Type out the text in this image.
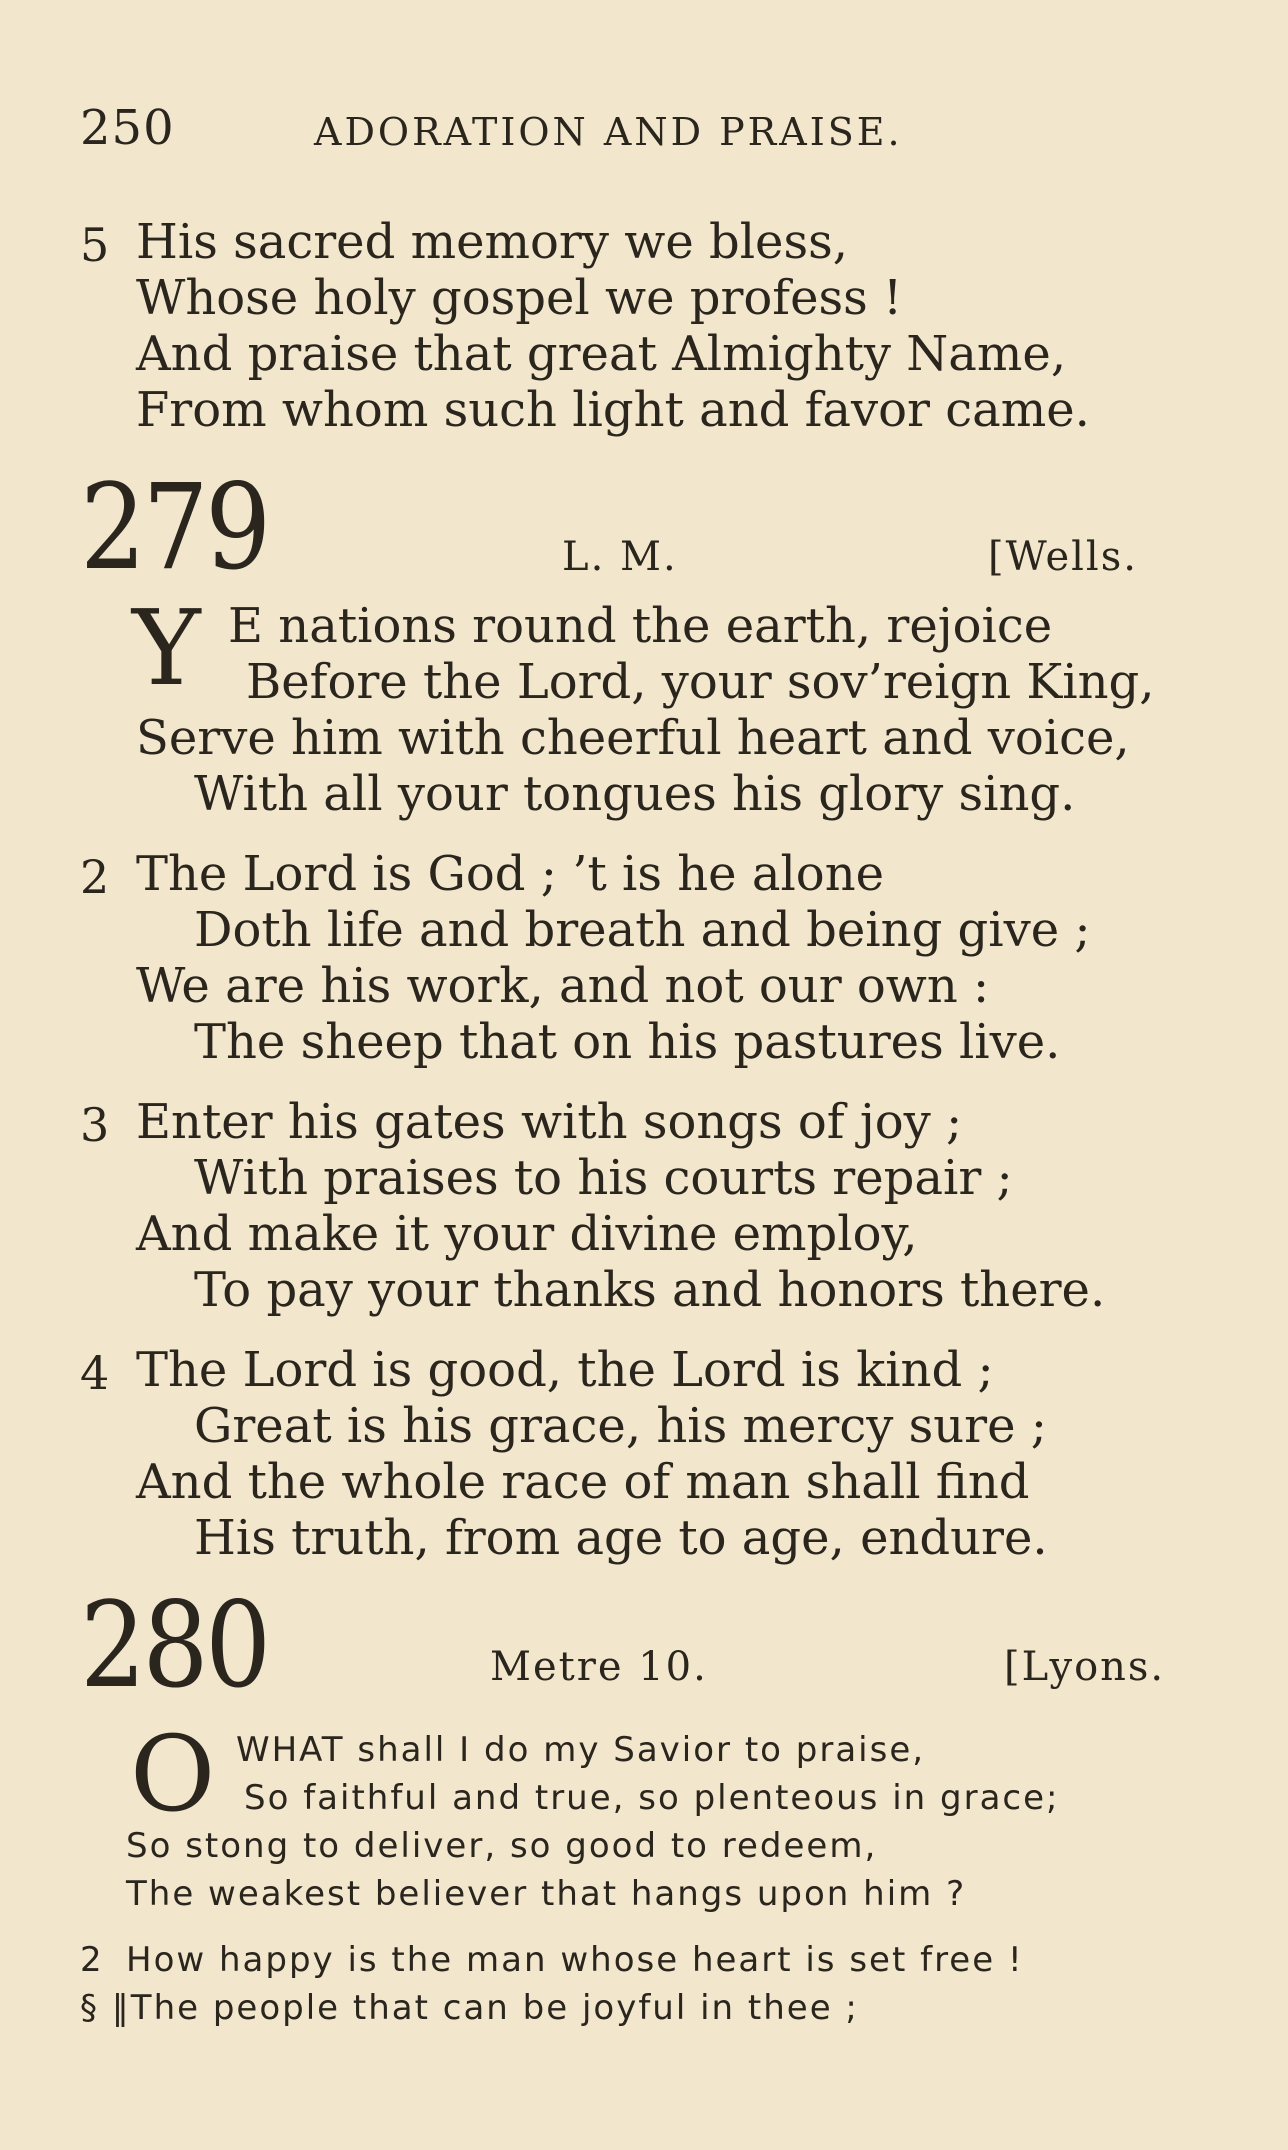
250	ADORATION AND PRAISE.
5 His sacred memory we bless,
Whose holy gospel we profess !
And praise that great Almighty Name,
From whom such light and favor came.
279	L. M.	[Wells.
Y E nations round the earth, rejoice
Before the Lord, your sov’reign King,
Serve him with cheerful heart and voice,
With all your tongues his glory sing.
2 The Lord is God ; ’t is he alone
Doth life and breath and being give ;
We are his work, and not our own :
The sheep that on his pastures live.
3 Enter his gates with songs of joy ;
With praises to his courts repair ;
And make it your divine employ,
To pay your thanks and honors there.
4 The Lord is good, the Lord is kind ;
Great is his grace, his mercy sure ;
And the whole race of man shall find
His truth, from age to age, endure.
280	Metre 10.	[Lyons.
O WHAT shall I do my Savior to praise,
So faithful and true, so plenteous in grace;
So stong to deliver, so good to redeem,
The weakest believer that hangs upon him ?
2 How happy is the man whose heart is set free !
§ ‖The people that can be joyful in thee ;
